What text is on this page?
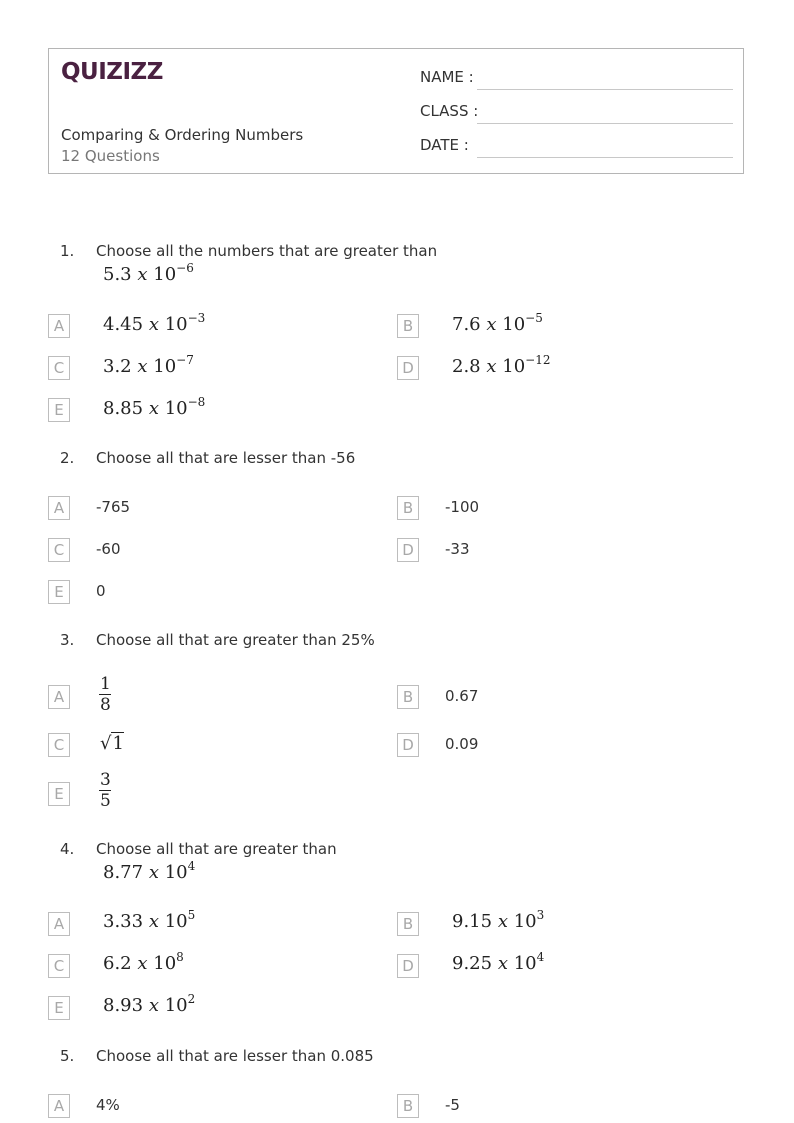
QUIZIZZ
Comparing & Ordering Numbers
12 Questions
NAME :
CLASS :
DATE :
1. Choose all the numbers that are greater than
5.3 x $10^{-6}$
A	4.45 x $10^{-3}$	B	7.6 x $10^{-5}$
C	3.2 x $10^{-7}$	D 2.8 x $10^{-12}$
E	8.85 x $10^{-8}$
2. Choose all that are lesser than -56
A	-765	B	-100
C	-60	D	-33
E	0
3. Choose all that are greater than 25%
A
1
8	B	0.67
C	√1	D	0.09
E
3
5
4. Choose all that are greater than
8.77 x $10^4$
A	3.33 x $10^5$	B	9.15 x $10^3$
C	6.2 x $10^8$	D 9.25 x $10^4$
E	8.93 x $10^2$
5. Choose all that are lesser than 0.085
A	4%	B	-5
